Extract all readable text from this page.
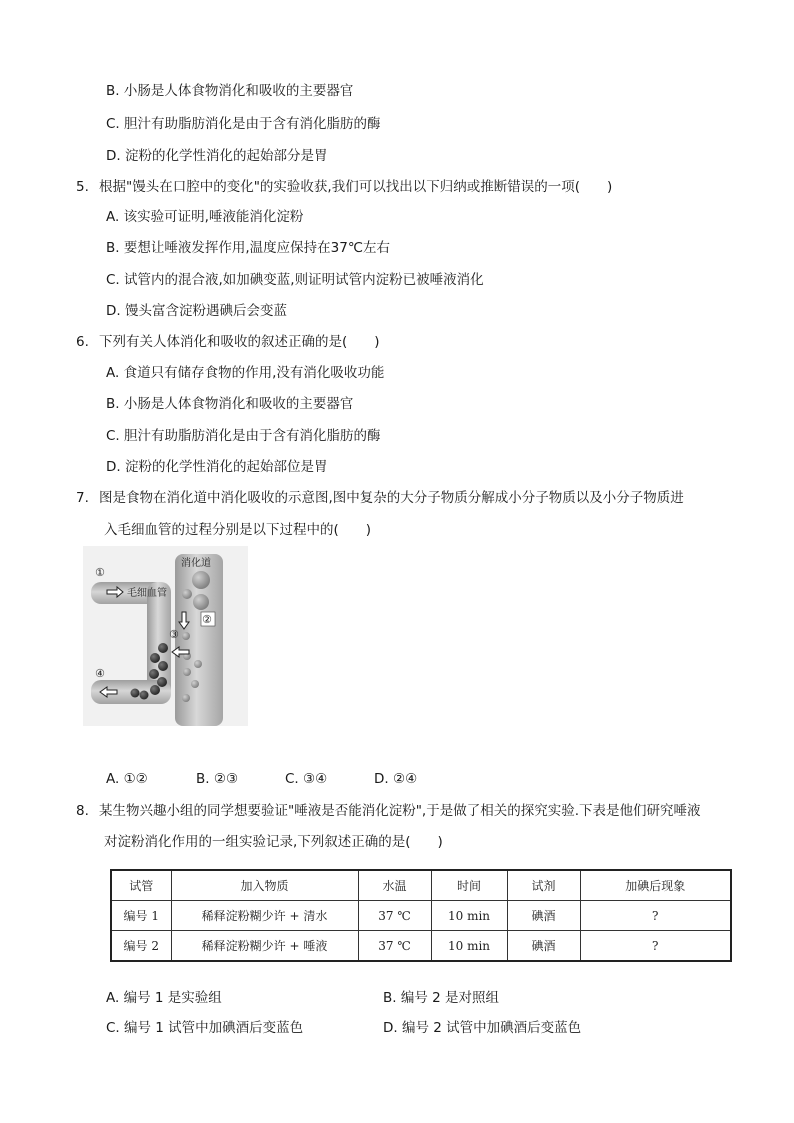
B. 小肠是人体食物消化和吸收的主要器官
C. 胆汁有助脂肪消化是由于含有消化脂肪的酶
D. 淀粉的化学性消化的起始部分是胃
5. 根据"馒头在口腔中的变化"的实验收获,我们可以找出以下归纳或推断错误的一项(　　)
A. 该实验可证明,唾液能消化淀粉
B. 要想让唾液发挥作用,温度应保持在37℃左右
C. 试管内的混合液,如加碘变蓝,则证明试管内淀粉已被唾液消化
D. 馒头富含淀粉遇碘后会变蓝
6. 下列有关人体消化和吸收的叙述正确的是(　　)
A. 食道只有储存食物的作用,没有消化吸收功能
B. 小肠是人体食物消化和吸收的主要器官
C. 胆汁有助脂肪消化是由于含有消化脂肪的酶
D. 淀粉的化学性消化的起始部位是胃
7. 图是食物在消化道中消化吸收的示意图,图中复杂的大分子物质分解成小分子物质以及小分子物质进
入毛细血管的过程分别是以下过程中的(　　)
消化道
毛细血管
①
②
③
④
A. ①②	B. ②③	C. ③④	D. ②④
8. 某生物兴趣小组的同学想要验证"唾液是否能消化淀粉",于是做了相关的探究实验.下表是他们研究唾液
对淀粉消化作用的一组实验记录,下列叙述正确的是(　　)
试管	加入物质	水温	时间	试剂	加碘后现象
编号 1	稀释淀粉糊少许 + 清水	37 ℃	10 min	碘酒	?
编号 2	稀释淀粉糊少许 + 唾液	37 ℃	10 min	碘酒	?
A. 编号 1 是实验组	B. 编号 2 是对照组
C. 编号 1 试管中加碘酒后变蓝色	D. 编号 2 试管中加碘酒后变蓝色
